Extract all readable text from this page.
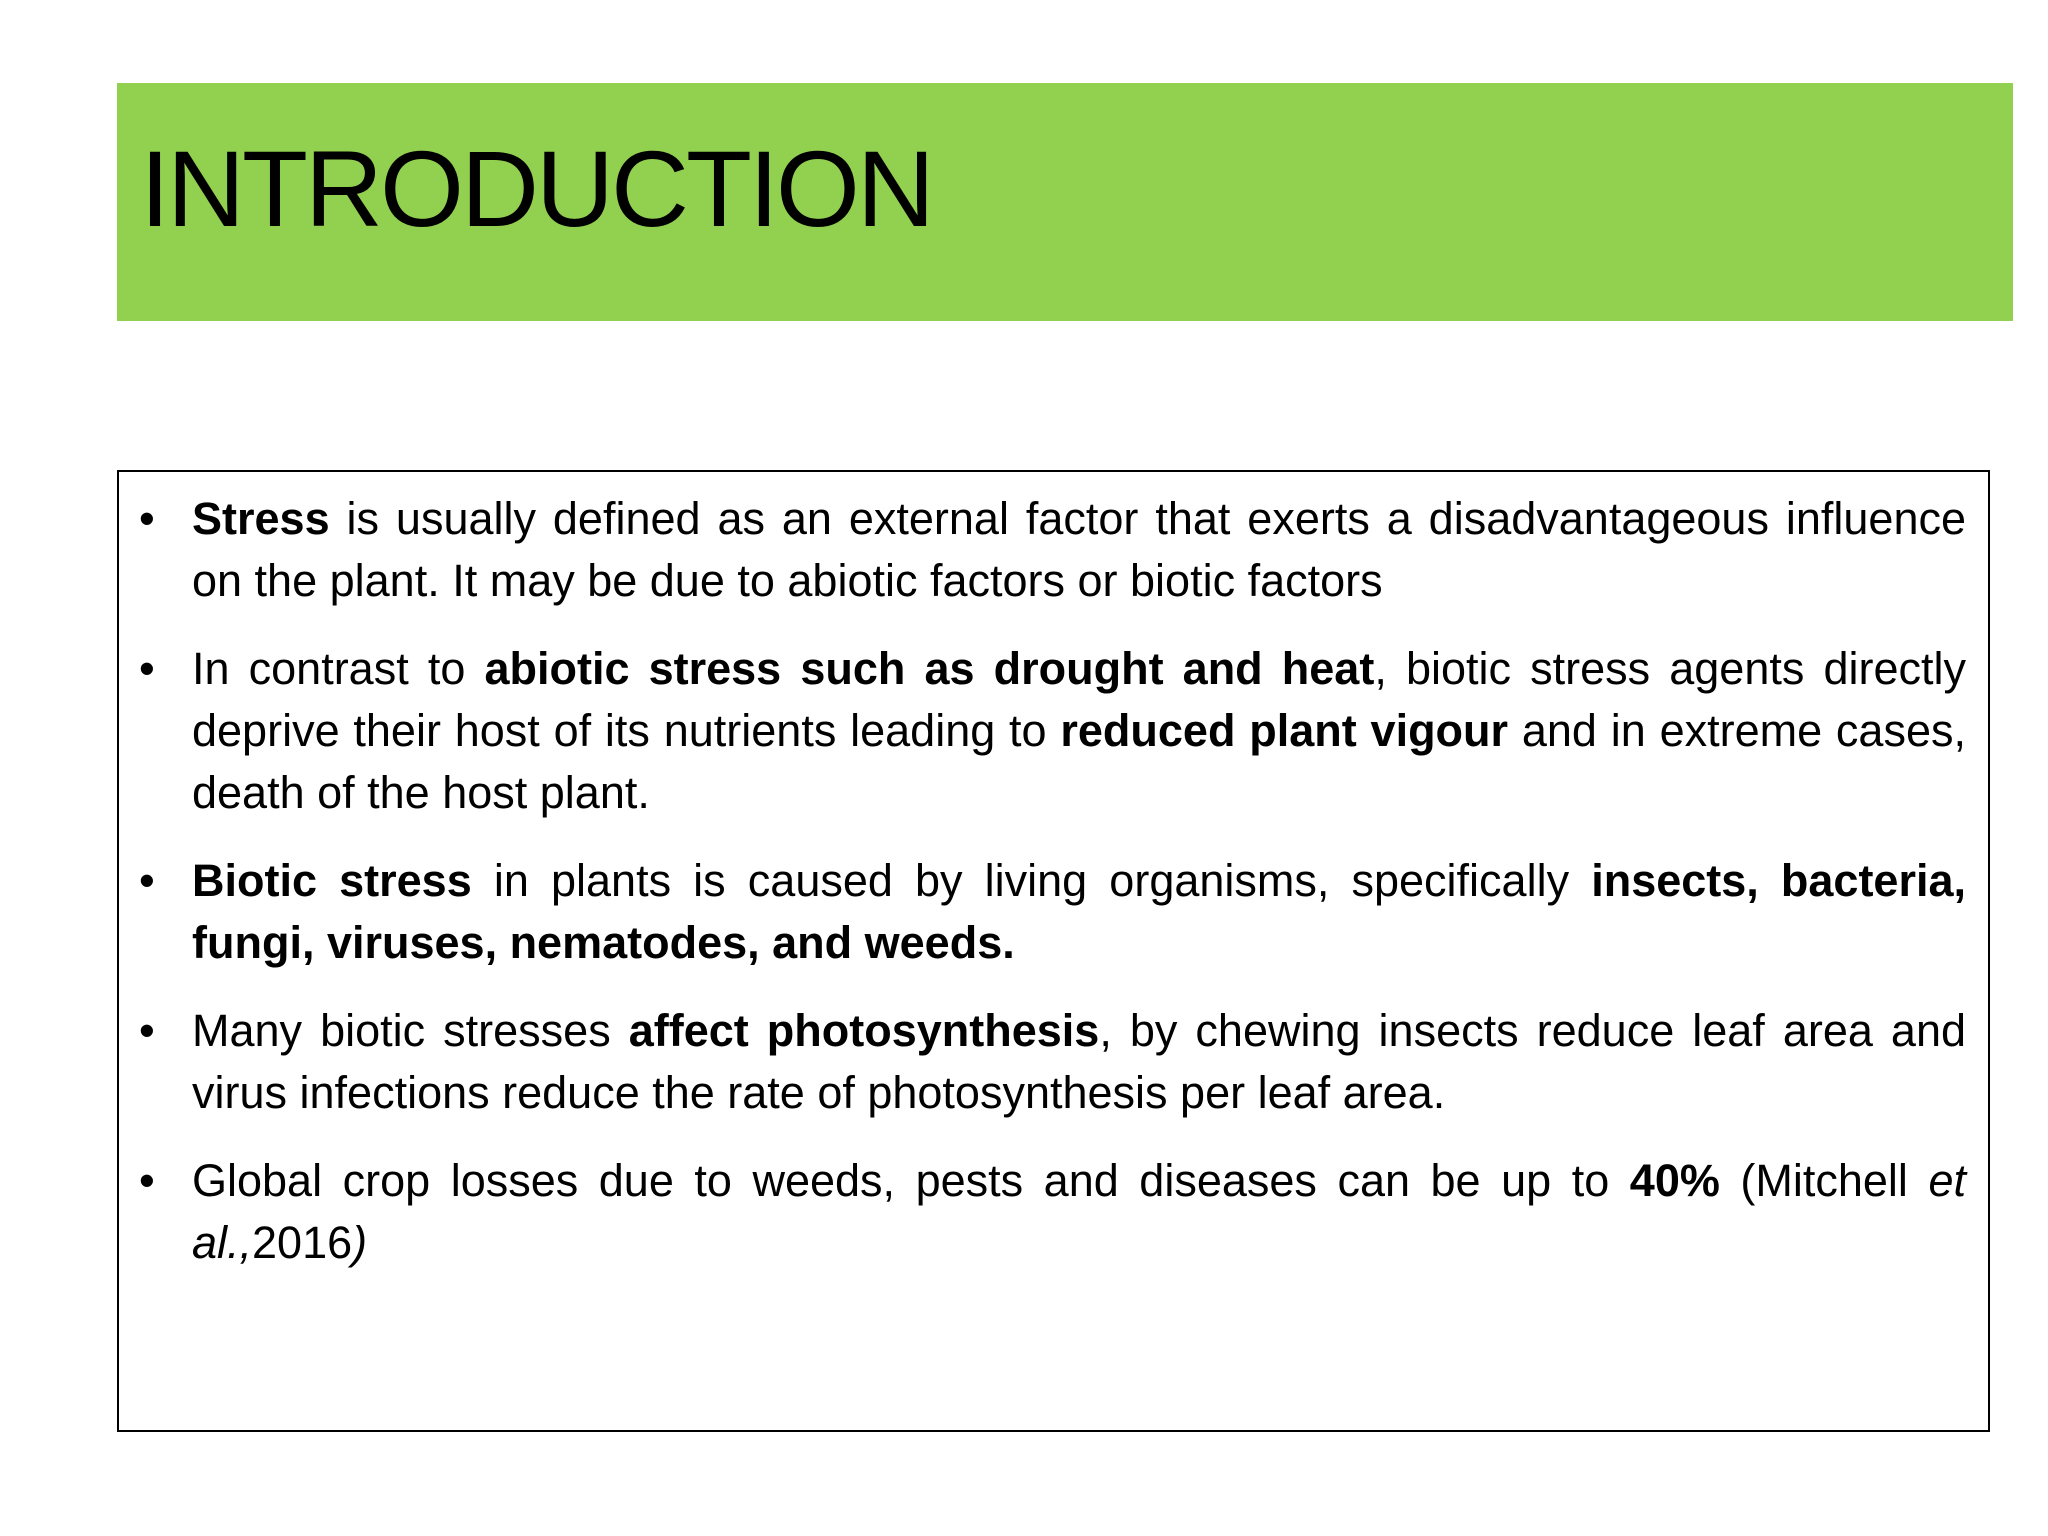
INTRODUCTION
• Stress is usually defined as an external factor that exerts a disadvantageous influence on the plant. It may be due to abiotic factors or biotic factors
• In contrast to abiotic stress such as drought and heat, biotic stress agents directly deprive their host of its nutrients leading to reduced plant vigour and in extreme cases, death of the host plant.
• Biotic stress in plants is caused by living organisms, specifically insects, bacteria, fungi, viruses, nematodes, and weeds.
• Many biotic stresses affect photosynthesis, by chewing insects reduce leaf area and virus infections reduce the rate of photosynthesis per leaf area.
• Global crop losses due to weeds, pests and diseases can be up to 40% (Mitchell et al.,2016)
